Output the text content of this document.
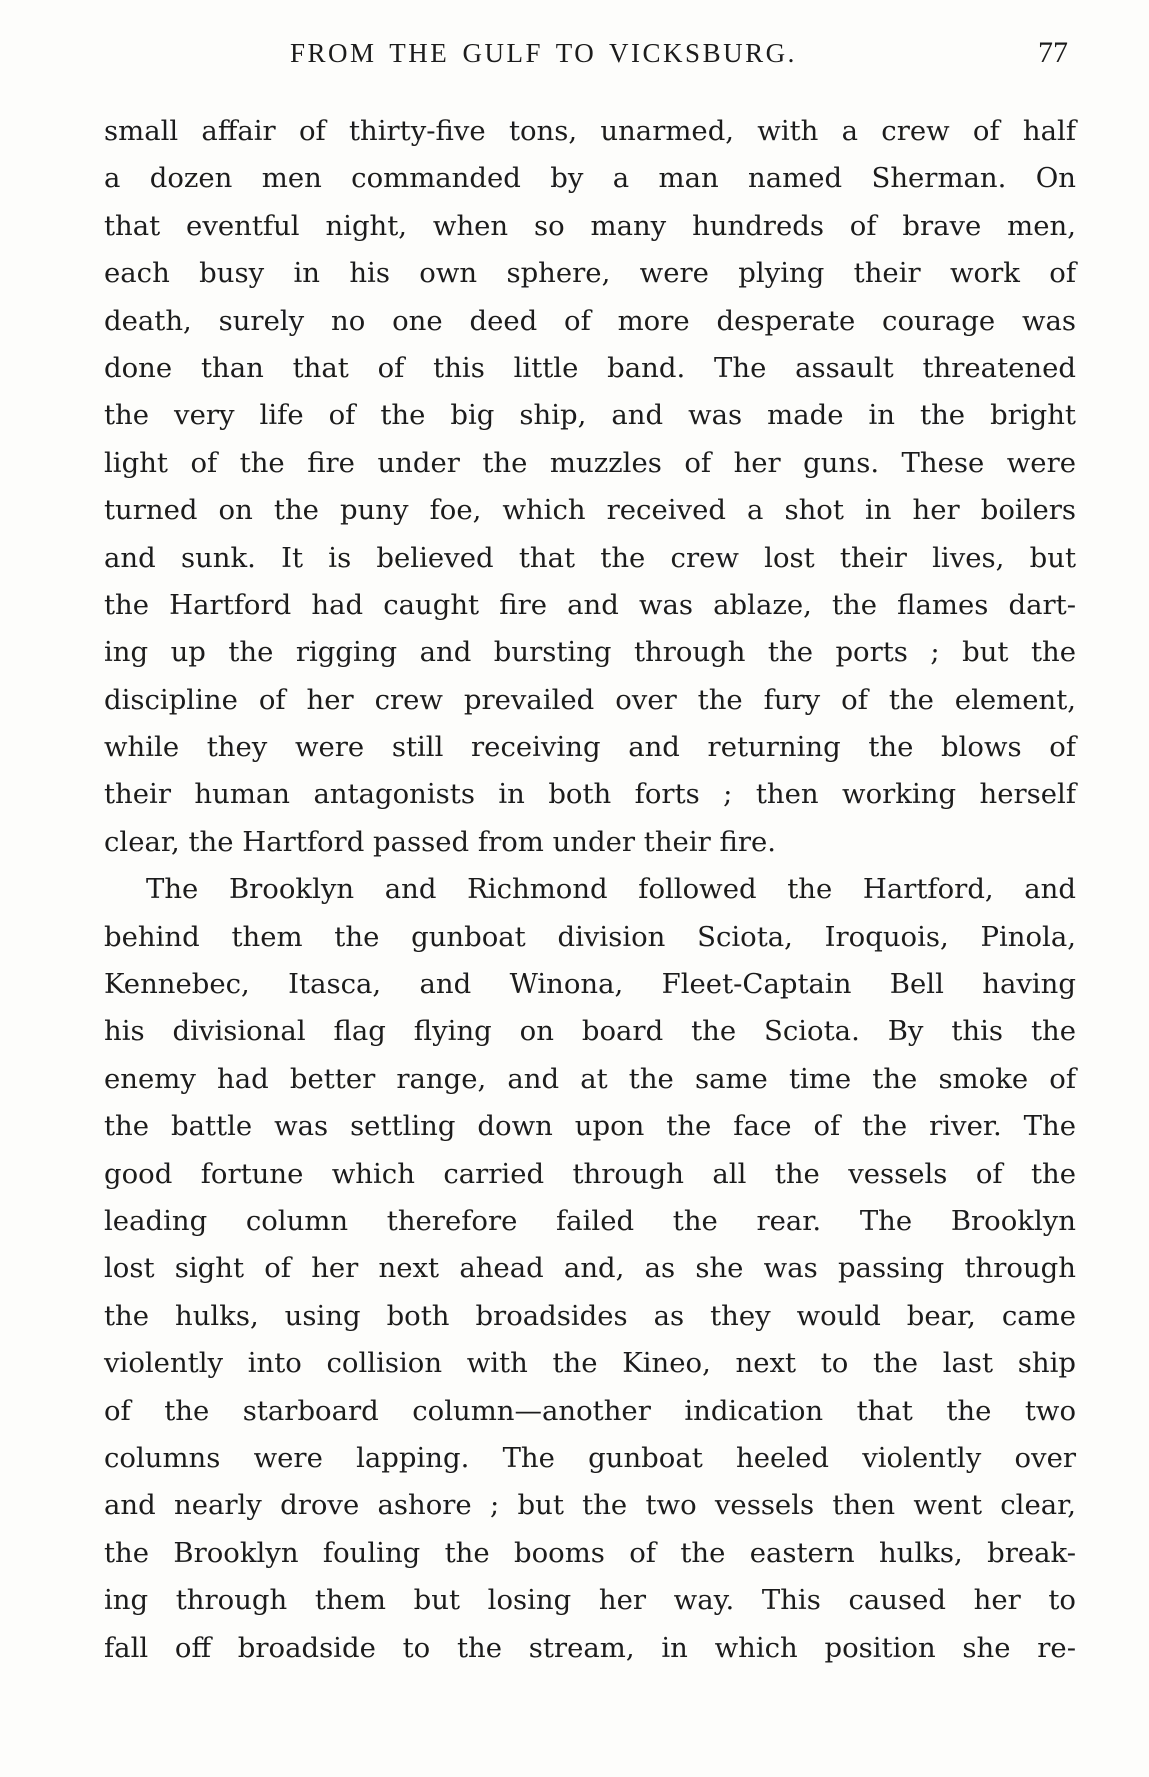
FROM THE GULF TO VICKSBURG.	77
small affair of thirty-five tons, unarmed, with a crew of half
a dozen men commanded by a man named Sherman. On
that eventful night, when so many hundreds of brave men,
each busy in his own sphere, were plying their work of
death, surely no one deed of more desperate courage was
done than that of this little band. The assault threatened
the very life of the big ship, and was made in the bright
light of the fire under the muzzles of her guns. These were
turned on the puny foe, which received a shot in her boilers
and sunk. It is believed that the crew lost their lives, but
the Hartford had caught fire and was ablaze, the flames dart-
ing up the rigging and bursting through the ports ; but the
discipline of her crew prevailed over the fury of the element,
while they were still receiving and returning the blows of
their human antagonists in both forts ; then working herself
clear, the Hartford passed from under their fire.
The Brooklyn and Richmond followed the Hartford, and
behind them the gunboat division Sciota, Iroquois, Pinola,
Kennebec, Itasca, and Winona, Fleet-Captain Bell having
his divisional flag flying on board the Sciota. By this the
enemy had better range, and at the same time the smoke of
the battle was settling down upon the face of the river. The
good fortune which carried through all the vessels of the
leading column therefore failed the rear. The Brooklyn
lost sight of her next ahead and, as she was passing through
the hulks, using both broadsides as they would bear, came
violently into collision with the Kineo, next to the last ship
of the starboard column—another indication that the two
columns were lapping. The gunboat heeled violently over
and nearly drove ashore ; but the two vessels then went clear,
the Brooklyn fouling the booms of the eastern hulks, break-
ing through them but losing her way. This caused her to
fall off broadside to the stream, in which position she re-
